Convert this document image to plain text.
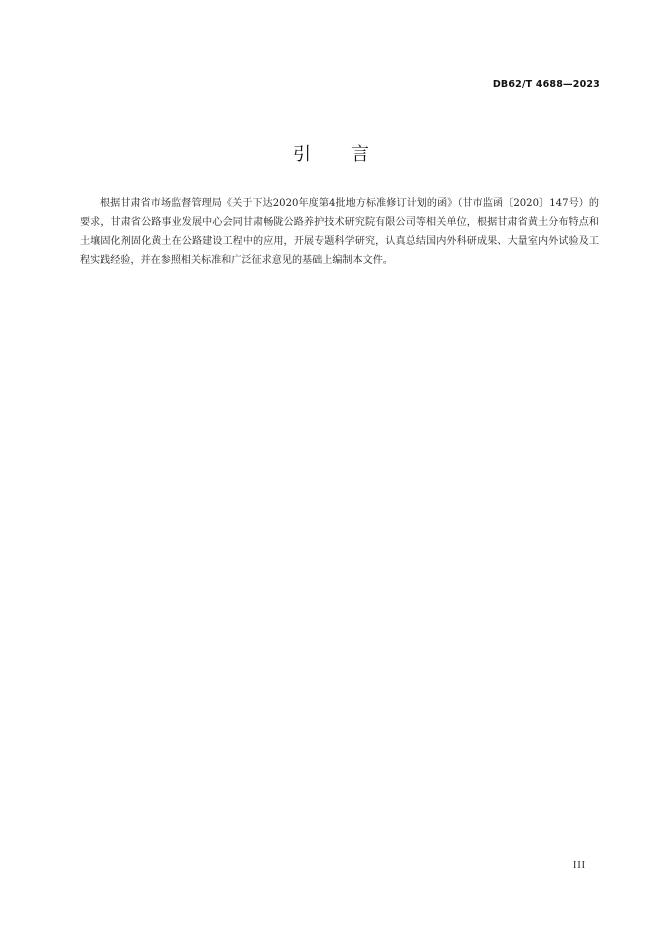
DB62/T 4688—2023
引言

根据甘肃省市场监督管理局《关于下达2020年度第4批地方标准修订计划的函》（甘市监函〔2020〕147号）的要求，甘肃省公路事业发展中心会同甘肃畅陇公路养护技术研究院有限公司等相关单位，根据甘肃省黄土分布特点和土壤固化剂固化黄土在公路建设工程中的应用，开展专题科学研究，认真总结国内外科研成果、大量室内外试验及工程实践经验，并在参照相关标准和广泛征求意见的基础上编制本文件。

III
